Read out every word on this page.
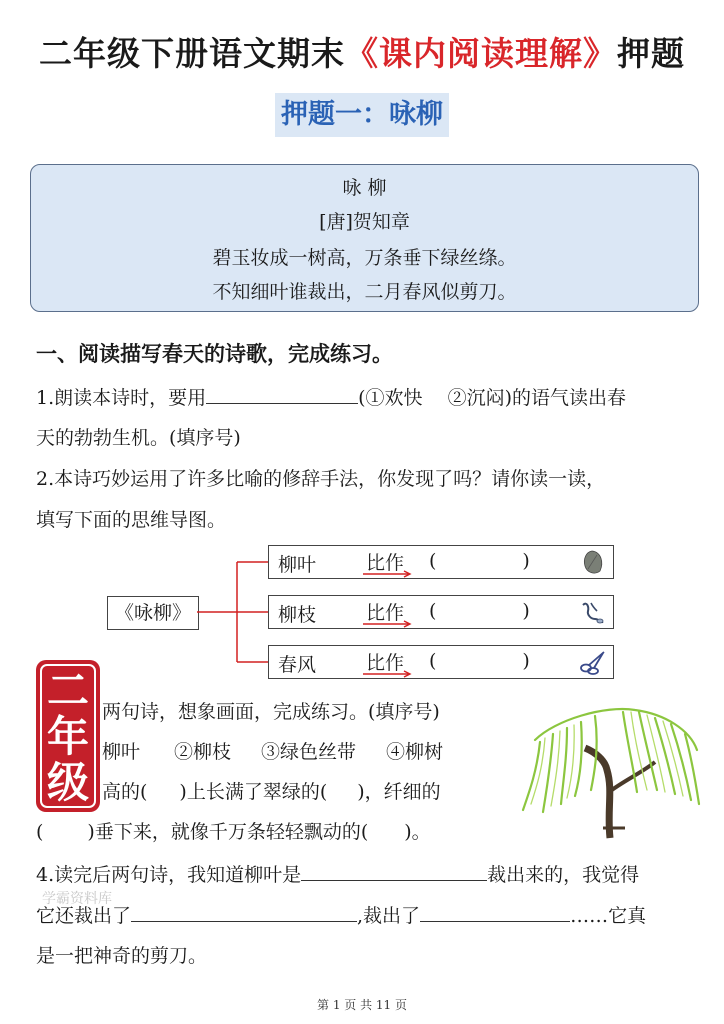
二年级下册语文期末《课内阅读理解》押题
押题一：咏柳
咏 柳
[唐]贺知章
碧玉妆成一树高，万条垂下绿丝绦。
不知细叶谁裁出，二月春风似剪刀。
一、阅读描写春天的诗歌，完成练习。
1.朗读本诗时，要用	(①欢快　 ②沉闷)的语气读出春
天的勃勃生机。(填序号)
2.本诗巧妙运用了许多比喻的修辞手法，你发现了吗？请你读一读，
填写下面的思维导图。
《咏柳》
柳叶	比作 (	)
柳枝	比作 (	)
春风	比作 (	)
二
年
级
两句诗，想象画面，完成练习。(填序号)
柳叶 ②柳枝 ③绿色丝带 ④柳树
高的( )上长满了翠绿的( )，纤细的
( )垂下来，就像千万条轻轻飘动的( )。
学霸资料库
4.读完后两句诗，我知道柳叶是	裁出来的，我觉得
它还裁出了	,裁出了	……它真
是一把神奇的剪刀。
第 1 页 共 11 页
